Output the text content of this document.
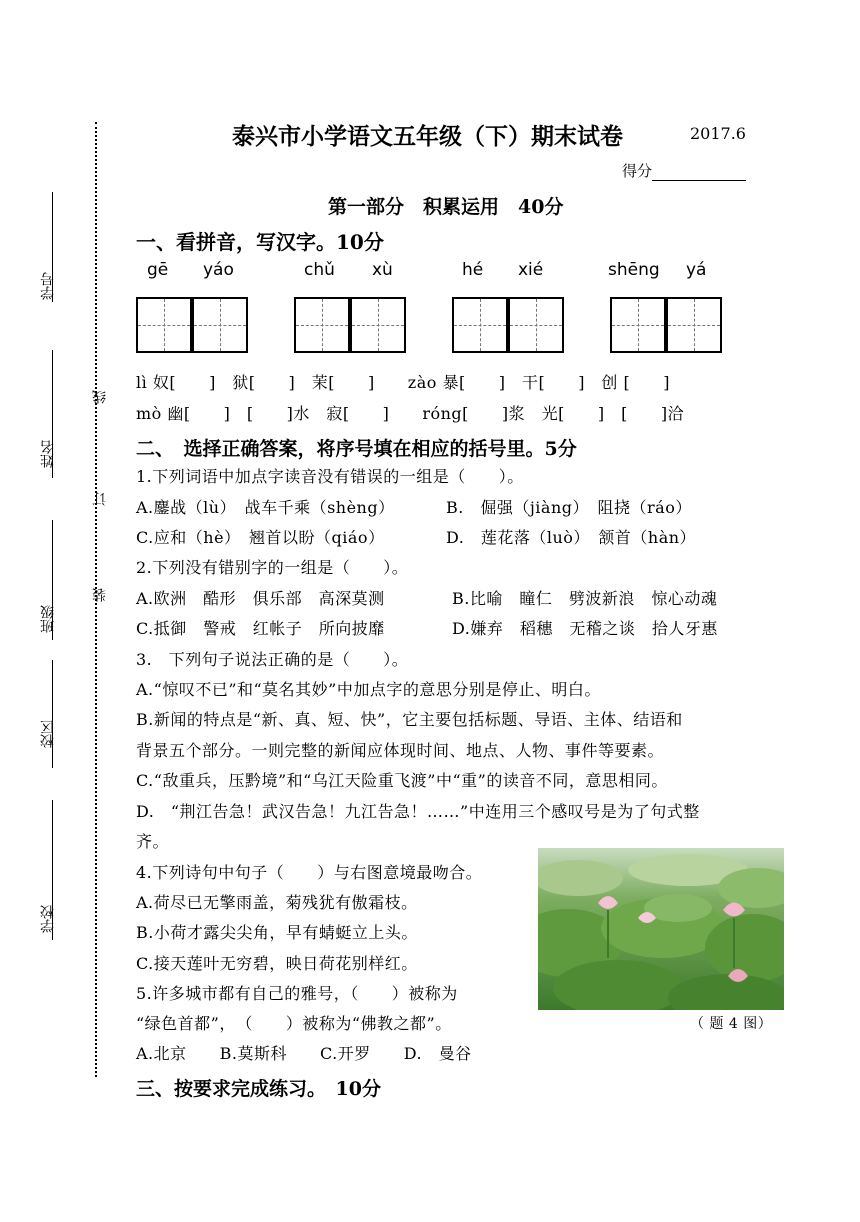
学号
姓名
班级
校区
学校
线
订
装
泰兴市小学语文五年级（下）期末试卷	2017.6
得分
第一部分　积累运用　40分
一、看拼音，写汉字。10分
gē yáo	chǔ xù	hé xié	shēng yá
lì 奴[　　]　狱[　　]　茉[　　]　　zào 暴[　　]　干[　　]　创 [　　]
mò 幽[　　]　[　　]水　寂[　　]　　róng[　　]浆　光[　　]　[　　]洽
二、　选择正确答案，将序号填在相应的括号里。5分
1.下列词语中加点字读音没有错误的一组是（　　）。
A.鏖战（lù）　战车千乘（shèng）	B.　倔强（jiàng）　阻挠（ráo）
C.应和（hè）　翘首以盼（qiáo）	D.　莲花落（luò）　颔首（hàn）
2.下列没有错别字的一组是（　　）。
A.欧洲　酷形　俱乐部　高深莫测	B.比喻　瞳仁　劈波新浪　惊心动魂
C.抵御　警戒　红帐子　所向披靡	D.嫌弃　稻穗　无稽之谈　拾人牙惠
3.　下列句子说法正确的是（　　）。
A.“惊叹不已”和“莫名其妙”中加点字的意思分别是停止、明白。
B.新闻的特点是“新、真、短、快”，它主要包括标题、导语、主体、结语和
背景五个部分。一则完整的新闻应体现时间、地点、人物、事件等要素。
C.“敌重兵，压黔境”和“乌江天险重飞渡”中“重”的读音不同，意思相同。
D.　“荆江告急！武汉告急！九江告急！……”中连用三个感叹号是为了句式整
齐。
4.下列诗句中句子（　　）与右图意境最吻合。
A.荷尽已无擎雨盖，菊残犹有傲霜枝。
B.小荷才露尖尖角，早有蜻蜓立上头。
C.接天莲叶无穷碧，映日荷花别样红。
5.许多城市都有自己的雅号，（　　）被称为
“绿色首都”，　（　　）被称为“佛教之都”。	（ 题 4 图）
A.北京　　B.莫斯科　　C.开罗　　D.　曼谷
三、按要求完成练习。　10分
